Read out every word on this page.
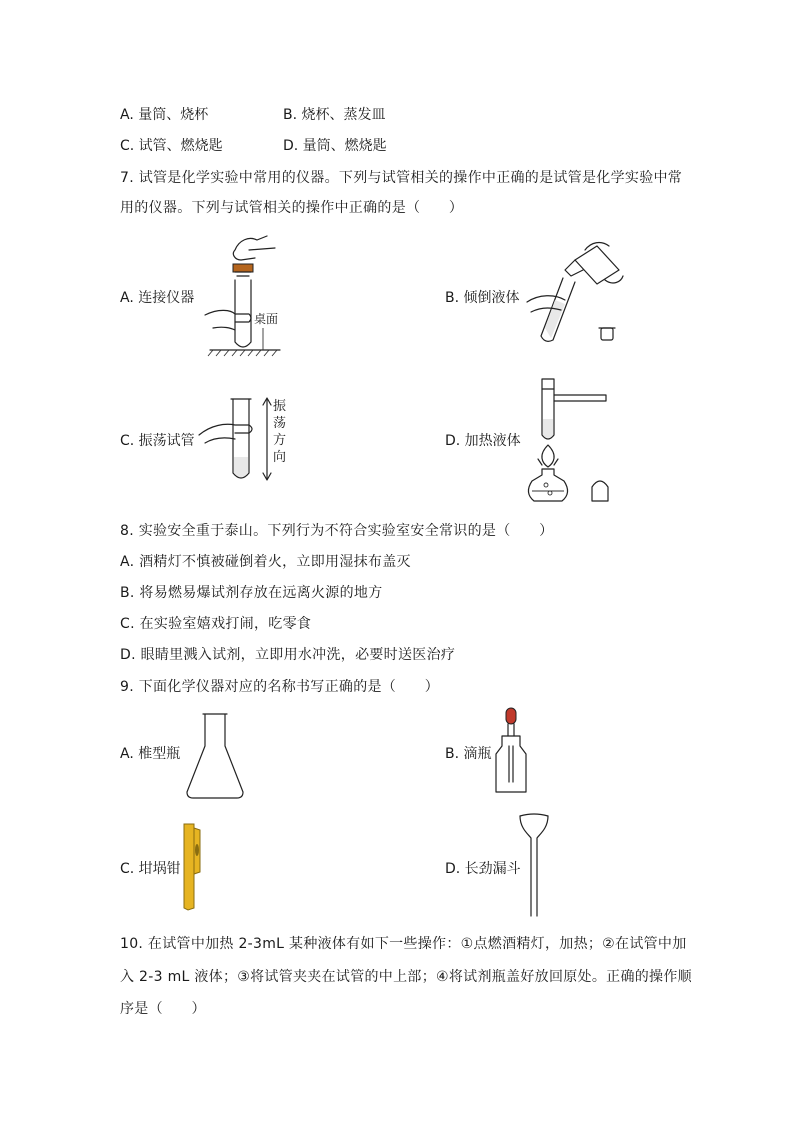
A. 量筒、烧杯	B. 烧杯、蒸发皿
C. 试管、燃烧匙	D. 量筒、燃烧匙
7. 试管是化学实验中常用的仪器。下列与试管相关的操作中正确的是试管是化学实验中常
用的仪器。下列与试管相关的操作中正确的是（　　）
A. 连接仪器	B. 倾倒液体
C. 振荡试管	D. 加热液体
桌面
振
荡
方
向
8. 实验安全重于泰山。下列行为不符合实验室安全常识的是（　　）
A. 酒精灯不慎被碰倒着火，立即用湿抹布盖灭
B. 将易燃易爆试剂存放在远离火源的地方
C. 在实验室嬉戏打闹，吃零食
D. 眼睛里溅入试剂，立即用水冲洗，必要时送医治疗
9. 下面化学仪器对应的名称书写正确的是（　　）
A. 椎型瓶	B. 滴瓶
C. 坩埚钳	D. 长劲漏斗
10. 在试管中加热 2-3mL 某种液体有如下一些操作：①点燃酒精灯，加热；②在试管中加
入 2-3 mL 液体；③将试管夹夹在试管的中上部；④将试剂瓶盖好放回原处。正确的操作顺
序是（　　）
